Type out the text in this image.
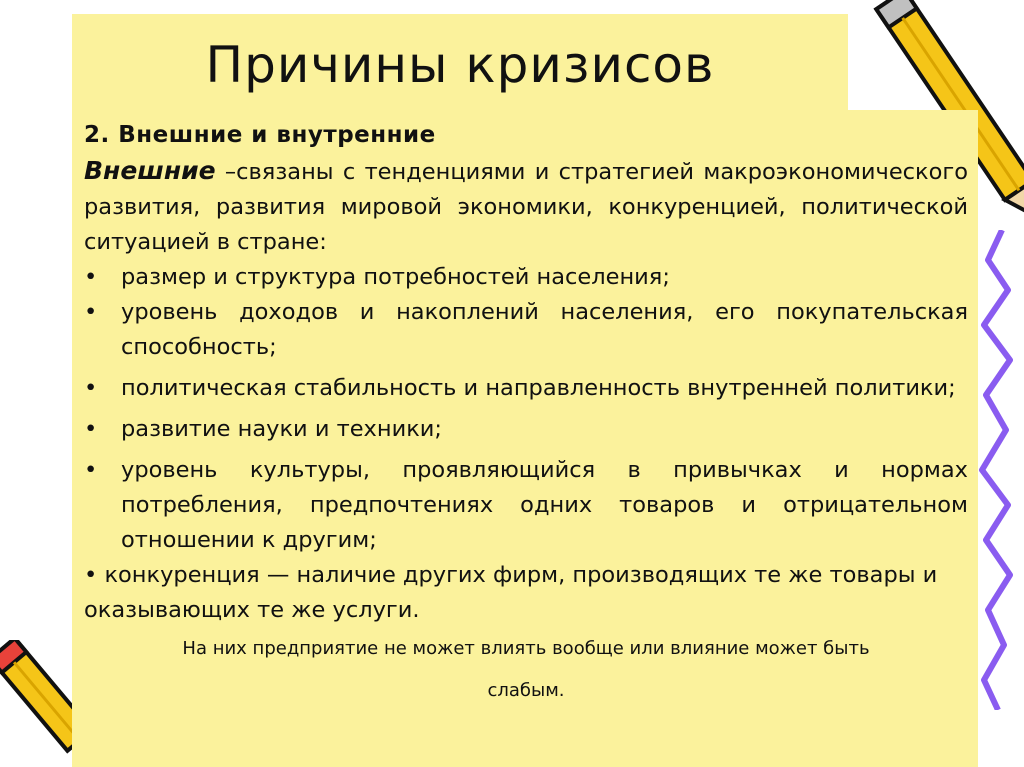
Причины кризисов
2. Внешние и внутренние
Внешние –связаны с тенденциями и стратегией макроэкономического развития, развития мировой экономики, конкуренцией, политической ситуацией в стране:
• размер и структура потребностей населения;
• уровень доходов и накоплений населения, его покупательская способность;
• политическая стабильность и направленность внутренней политики;
• развитие науки и техники;
• уровень культуры, проявляющийся в привычках и нормах потребления, предпочтениях одних товаров и отрицательном отношении к другим;
• конкуренция — наличие других фирм, производящих те же товары и оказывающих те же услуги.
На них предприятие не может влиять вообще или влияние может быть
слабым.
